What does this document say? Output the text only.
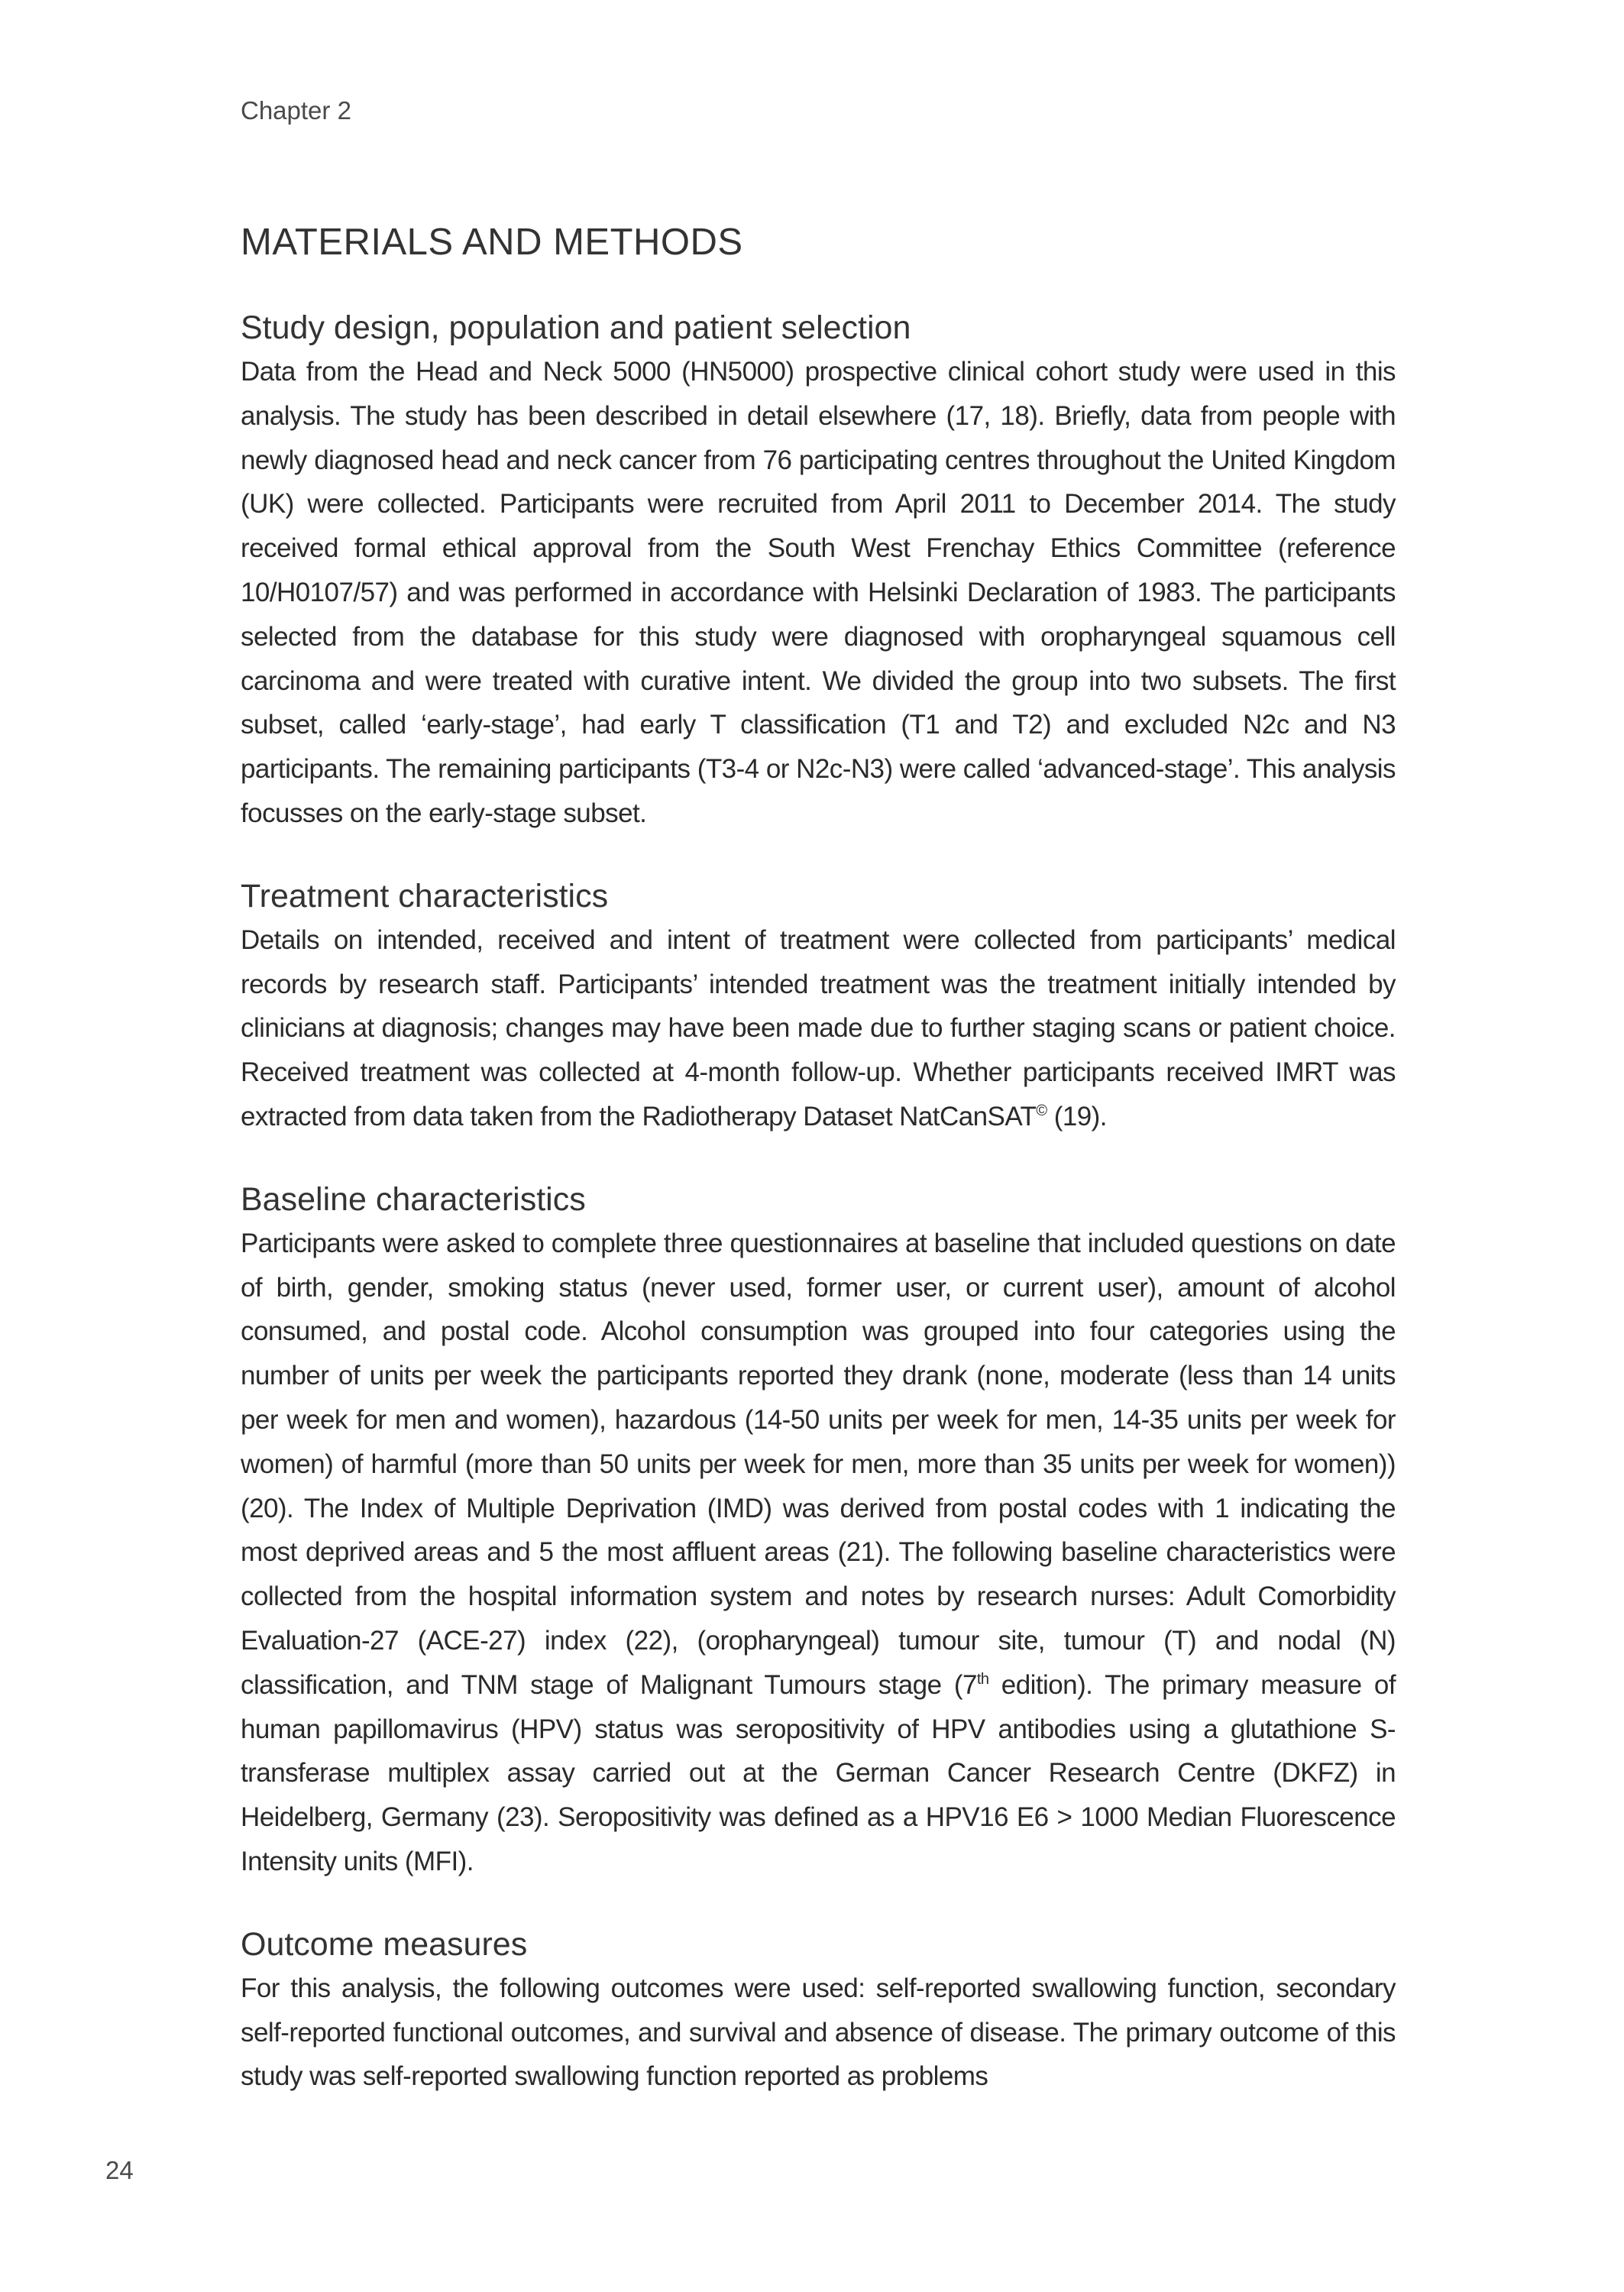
Chapter 2
MATERIALS AND METHODS
Study design, population and patient selection

Data from the Head and Neck 5000 (HN5000) prospective clinical cohort study were used in this analysis. The study has been described in detail elsewhere (17, 18). Briefly, data from people with newly diagnosed head and neck cancer from 76 participating centres throughout the United Kingdom (UK) were collected. Participants were recruited from April 2011 to December 2014. The study received formal ethical approval from the South West Frenchay Ethics Committee (reference 10/H0107/57) and was performed in accordance with Helsinki Declaration of 1983. The participants selected from the database for this study were diagnosed with oropharyngeal squamous cell carcinoma and were treated with curative intent. We divided the group into two subsets. The first subset, called ‘early-stage’, had early T classification (T1 and T2) and excluded N2c and N3 participants. The remaining participants (T3-4 or N2c-N3) were called ‘advanced-stage’. This analysis focusses on the early-stage subset.

Treatment characteristics

Details on intended, received and intent of treatment were collected from participants’ medical records by research staff. Participants’ intended treatment was the treatment initially intended by clinicians at diagnosis; changes may have been made due to further staging scans or patient choice. Received treatment was collected at 4-month follow-up. Whether participants received IMRT was extracted from data taken from the Radiotherapy Dataset NatCanSAT© (19).

Baseline characteristics

Participants were asked to complete three questionnaires at baseline that included questions on date of birth, gender, smoking status (never used, former user, or current user), amount of alcohol consumed, and postal code. Alcohol consumption was grouped into four categories using the number of units per week the participants reported they drank (none, moderate (less than 14 units per week for men and women), hazardous (14-50 units per week for men, 14-35 units per week for women) of harmful (more than 50 units per week for men, more than 35 units per week for women)) (20). The Index of Multiple Deprivation (IMD) was derived from postal codes with 1 indicating the most deprived areas and 5 the most affluent areas (21). The following baseline characteristics were collected from the hospital information system and notes by research nurses: Adult Comorbidity Evaluation-27 (ACE-27) index (22), (oropharyngeal) tumour site, tumour (T) and nodal (N) classification, and TNM stage of Malignant Tumours stage (7th edition). The primary measure of human papillomavirus (HPV) status was seropositivity of HPV antibodies using a glutathione S-transferase multiplex assay carried out at the German Cancer Research Centre (DKFZ) in Heidelberg, Germany (23). Seropositivity was defined as a HPV16 E6 > 1000 Median Fluorescence Intensity units (MFI).

Outcome measures

For this analysis, the following outcomes were used: self-reported swallowing function, secondary self-reported functional outcomes, and survival and absence of disease. The primary outcome of this study was self-reported swallowing function reported as problems

24
